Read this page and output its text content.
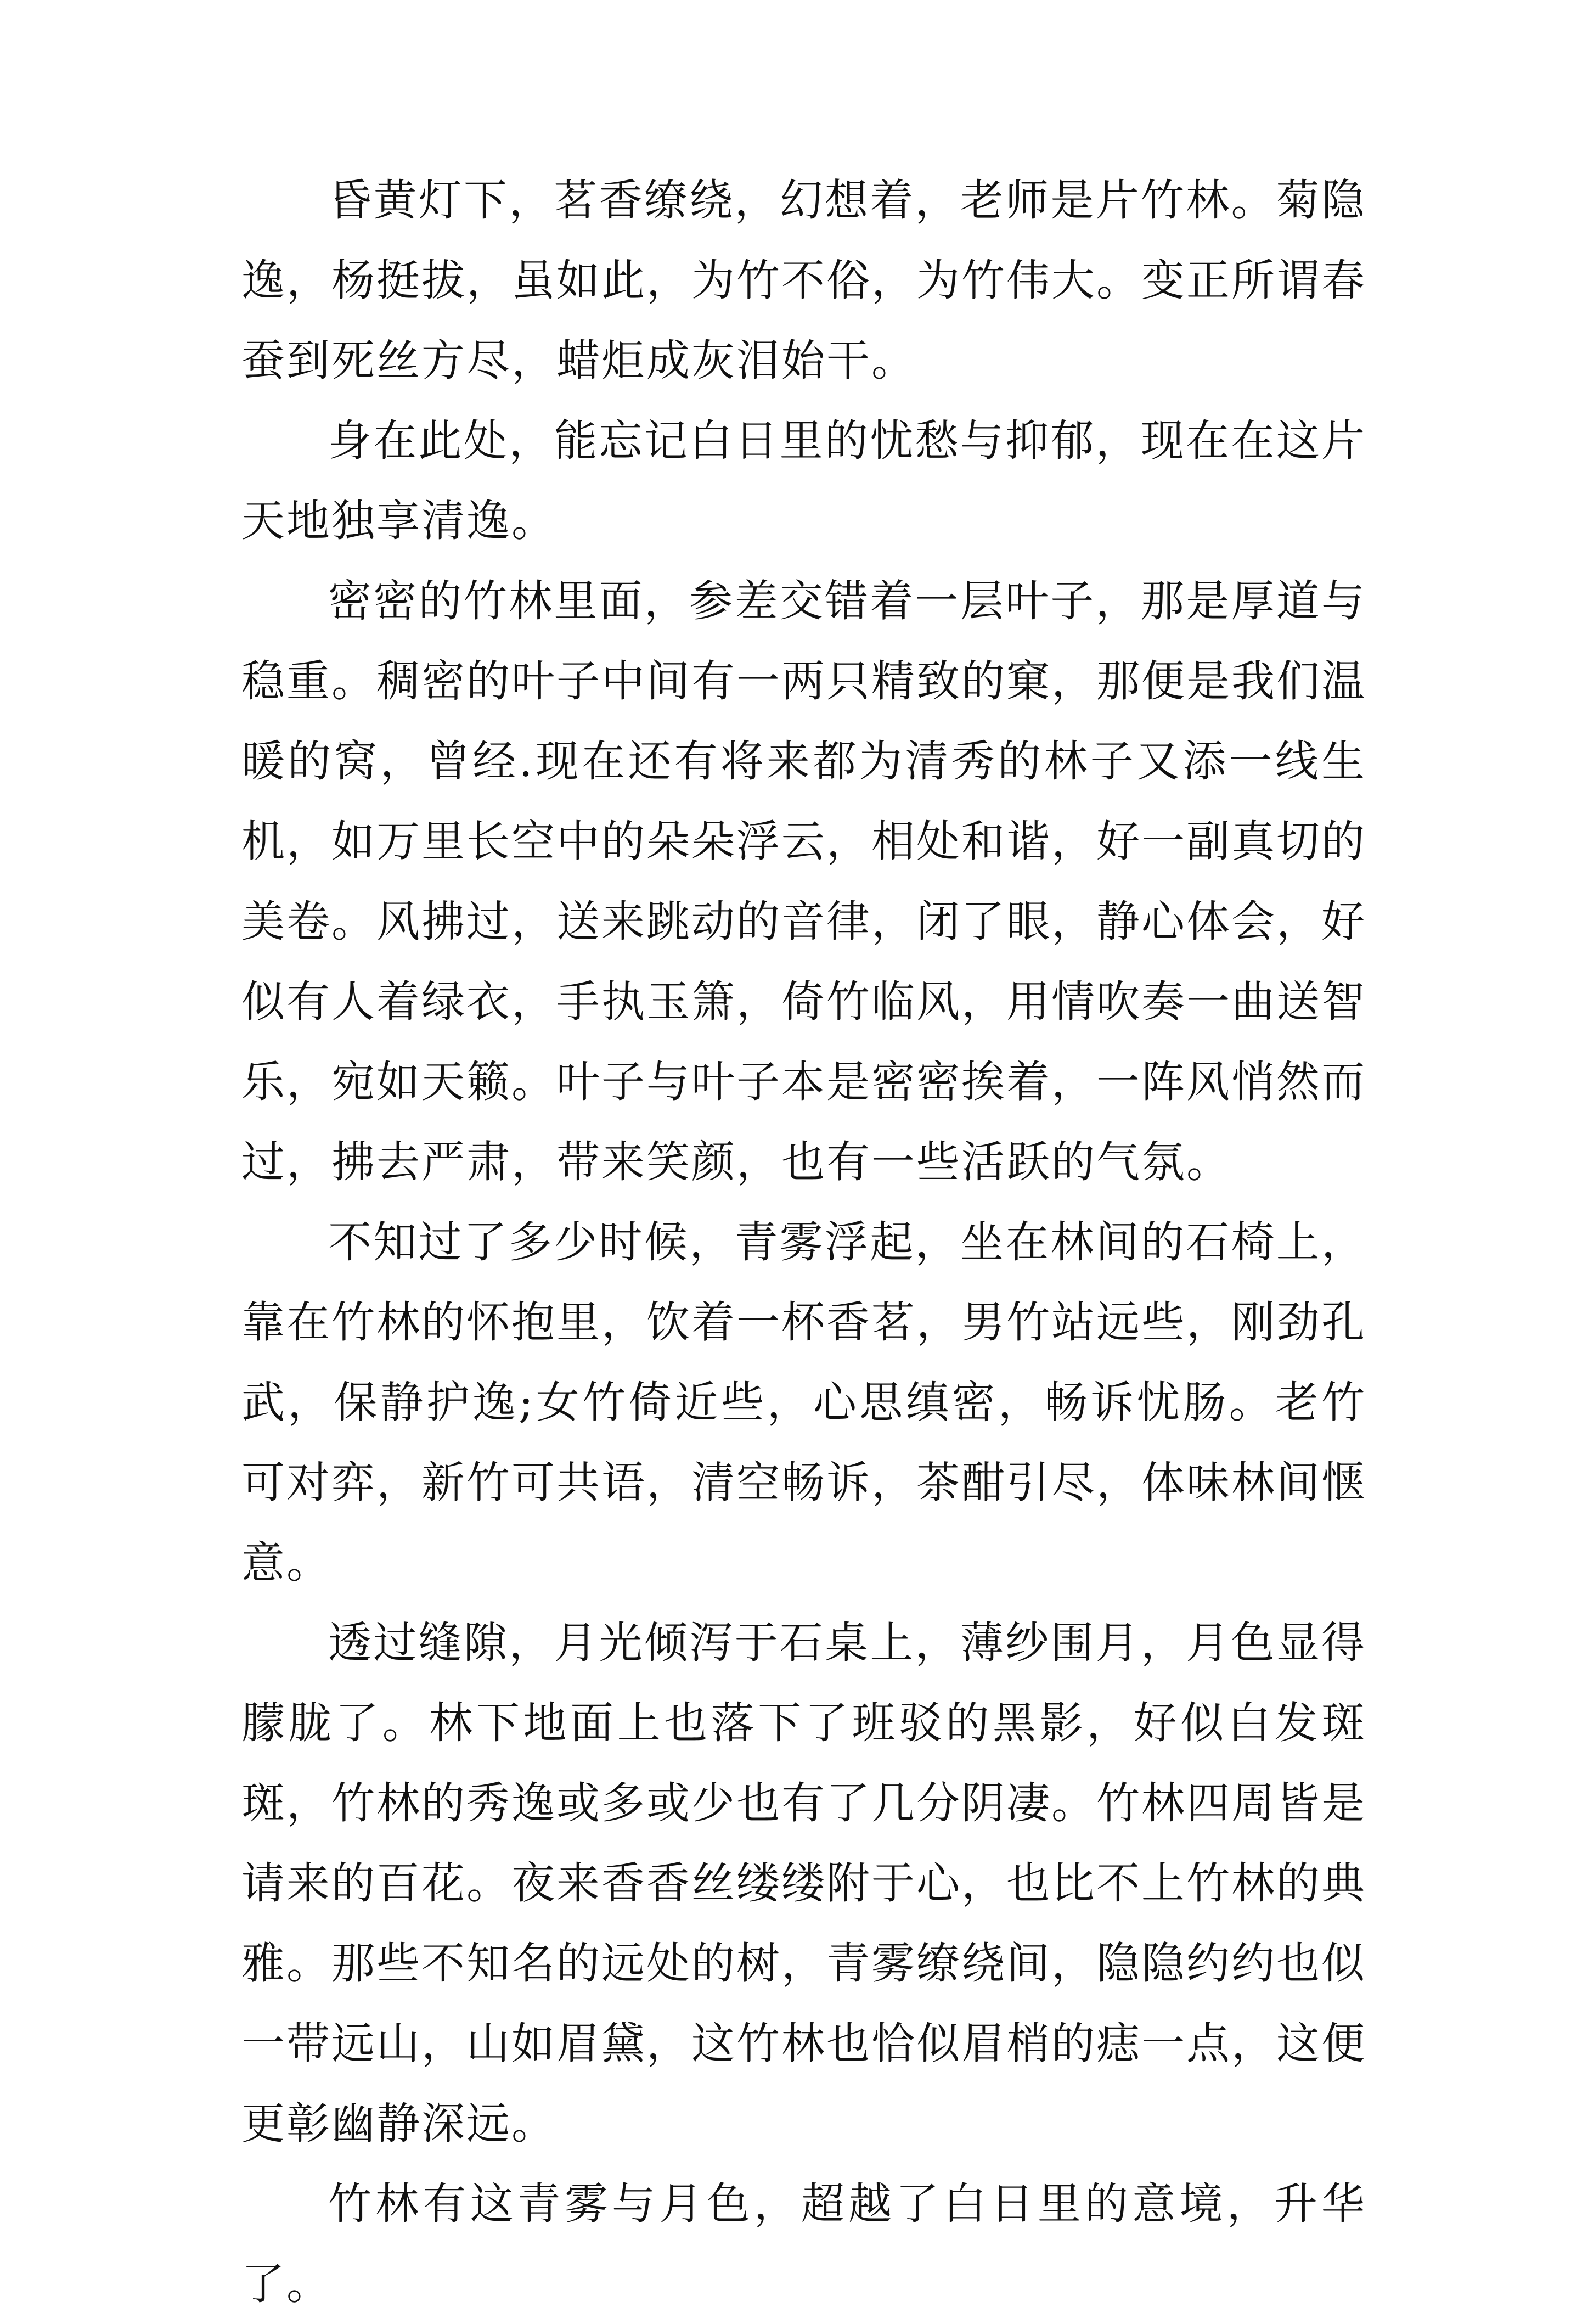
昏黄灯下，茗香缭绕，幻想着，老师是片竹林。菊隐逸，杨挺拔，虽如此，为竹不俗，为竹伟大。变正所谓春蚕到死丝方尽，蜡炬成灰泪始干。

身在此处，能忘记白日里的忧愁与抑郁，现在在这片天地独享清逸。

密密的竹林里面，参差交错着一层叶子，那是厚道与稳重。稠密的叶子中间有一两只精致的窠，那便是我们温暖的窝，曾经.现在还有将来都为清秀的林子又添一线生机，如万里长空中的朵朵浮云，相处和谐，好一副真切的美卷。风拂过，送来跳动的音律，闭了眼，静心体会，好似有人着绿衣，手执玉箫，倚竹临风，用情吹奏一曲送智乐，宛如天籁。叶子与叶子本是密密挨着，一阵风悄然而过，拂去严肃，带来笑颜，也有一些活跃的气氛。

不知过了多少时候，青雾浮起，坐在林间的石椅上，靠在竹林的怀抱里，饮着一杯香茗，男竹站远些，刚劲孔武，保静护逸;女竹倚近些，心思缜密，畅诉忧肠。老竹可对弈，新竹可共语，清空畅诉，茶酣引尽，体味林间惬意。

透过缝隙，月光倾泻于石桌上，薄纱围月，月色显得朦胧了。林下地面上也落下了班驳的黑影，好似白发斑斑，竹林的秀逸或多或少也有了几分阴凄。竹林四周皆是请来的百花。夜来香香丝缕缕附于心，也比不上竹林的典雅。那些不知名的远处的树，青雾缭绕间，隐隐约约也似一带远山，山如眉黛，这竹林也恰似眉梢的痣一点，这便更彰幽静深远。

竹林有这青雾与月色，超越了白日里的意境，升华了。
